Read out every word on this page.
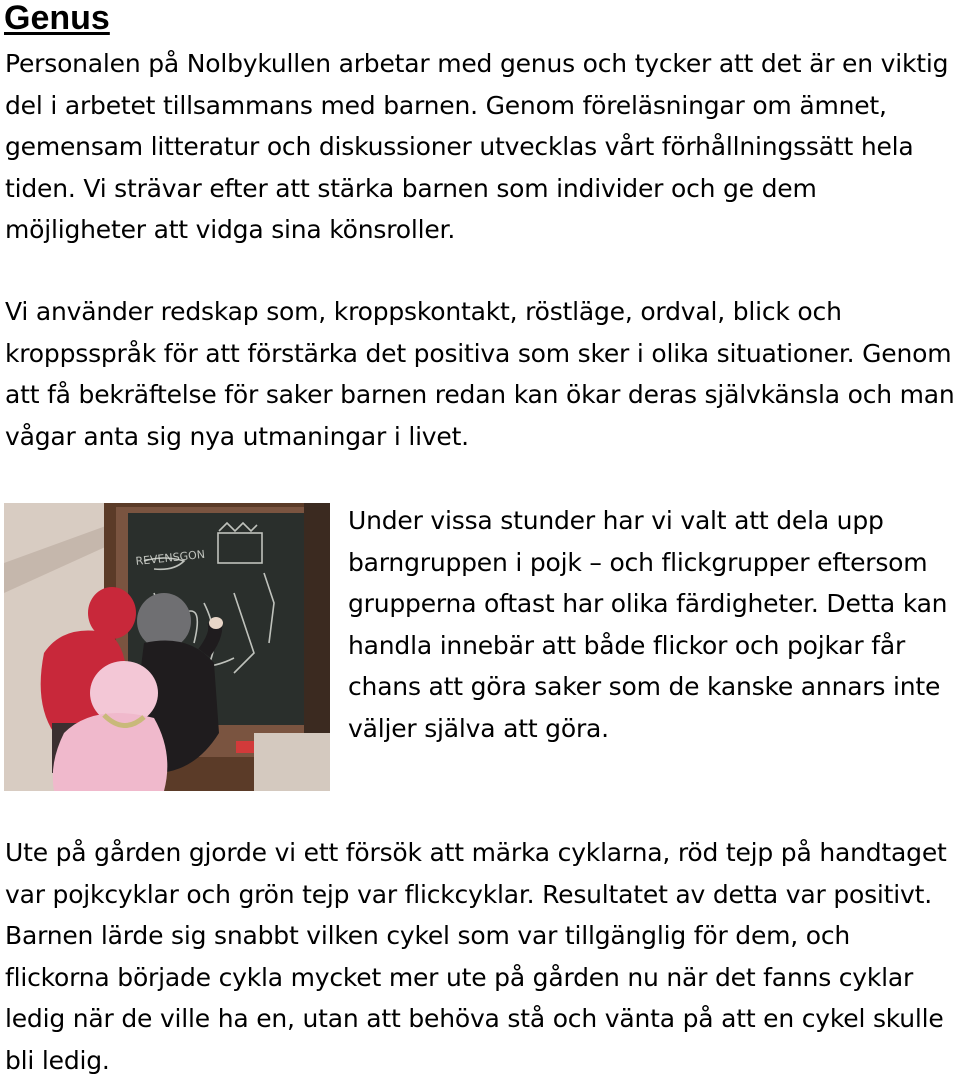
Genus

Personalen på Nolbykullen arbetar med genus och tycker att det är en viktig del i arbetet tillsammans med barnen. Genom föreläsningar om ämnet, gemensam litteratur och diskussioner utvecklas vårt förhållningssätt hela tiden. Vi strävar efter att stärka barnen som individer och ge dem möjligheter att vidga sina könsroller.

Vi använder redskap som, kroppskontakt, röstläge, ordval, blick och kroppsspråk för att förstärka det positiva som sker i olika situationer. Genom att få bekräftelse för saker barnen redan kan ökar deras självkänsla och man vågar anta sig nya utmaningar i livet.

REVENSGON

Under vissa stunder har vi valt att dela upp barngruppen i pojk – och flickgrupper eftersom grupperna oftast har olika färdigheter. Detta kan handla innebär att både flickor och pojkar får chans att göra saker som de kanske annars inte väljer själva att göra.

Ute på gården gjorde vi ett försök att märka cyklarna, röd tejp på handtaget var pojkcyklar och grön tejp var flickcyklar. Resultatet av detta var positivt. Barnen lärde sig snabbt vilken cykel som var tillgänglig för dem, och flickorna började cykla mycket mer ute på gården nu när det fanns cyklar ledig när de ville ha en, utan att behöva stå och vänta på att en cykel skulle bli ledig.
